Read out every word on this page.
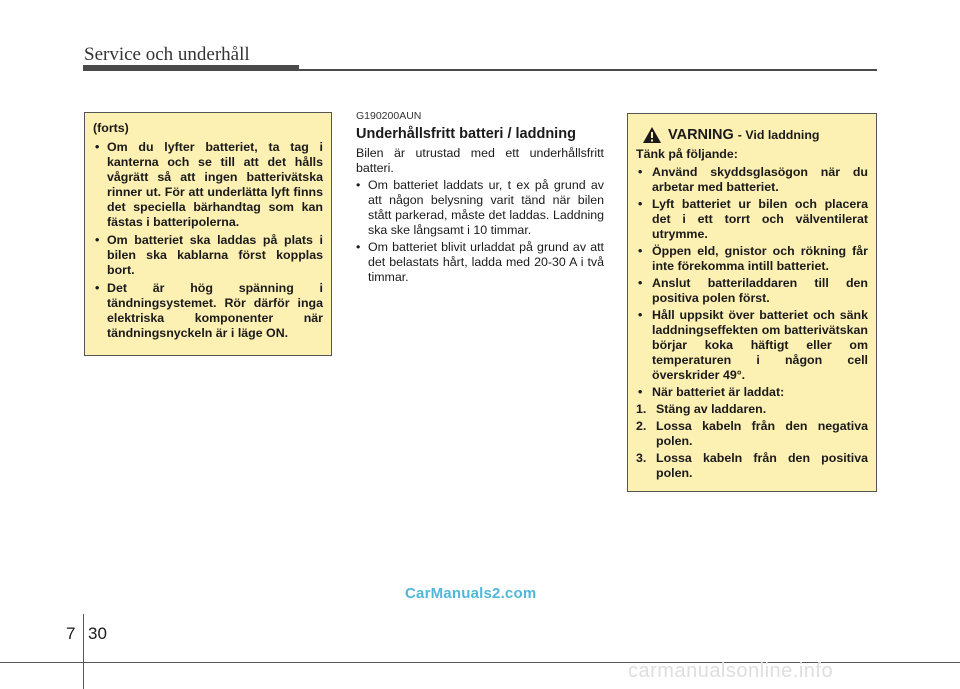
Service och underhåll
(forts)
• Om du lyfter batteriet, ta tag i kanterna och se till att det hålls vågrätt så att ingen batterivätska rinner ut. För att underlätta lyft finns det speciella bärhandtag som kan fästas i batteripolerna.
• Om batteriet ska laddas på plats i bilen ska kablarna först kopplas bort.
• Det är hög spänning i tändningsystemet. Rör därför inga elektriska komponenter när tändningsnyckeln är i läge ON.
G190200AUN
Underhållsfritt batteri / laddning
Bilen är utrustad med ett underhållsfritt batteri.
• Om batteriet laddats ur, t ex på grund av att någon belysning varit tänd när bilen stått parkerad, måste det laddas. Laddning ska ske långsamt i 10 timmar.
• Om batteriet blivit urladdat på grund av att det belastats hårt, ladda med 20-30 A i två timmar.
VARNING - Vid laddning
Tänk på följande:
• Använd skyddsglasögon när du arbetar med batteriet.
• Lyft batteriet ur bilen och placera det i ett torrt och välventilerat utrymme.
• Öppen eld, gnistor och rökning får inte förekomma intill batteriet.
• Anslut batteriladdaren till den positiva polen först.
• Håll uppsikt över batteriet och sänk laddningseffekten om batterivätskan börjar koka häftigt eller om temperaturen i någon cell överskrider 49°.
• När batteriet är laddat:
1. Stäng av laddaren.
2. Lossa kabeln från den negativa polen.
3. Lossa kabeln från den positiva polen.
CarManuals2.com
7 30
carmanualsonline.info
